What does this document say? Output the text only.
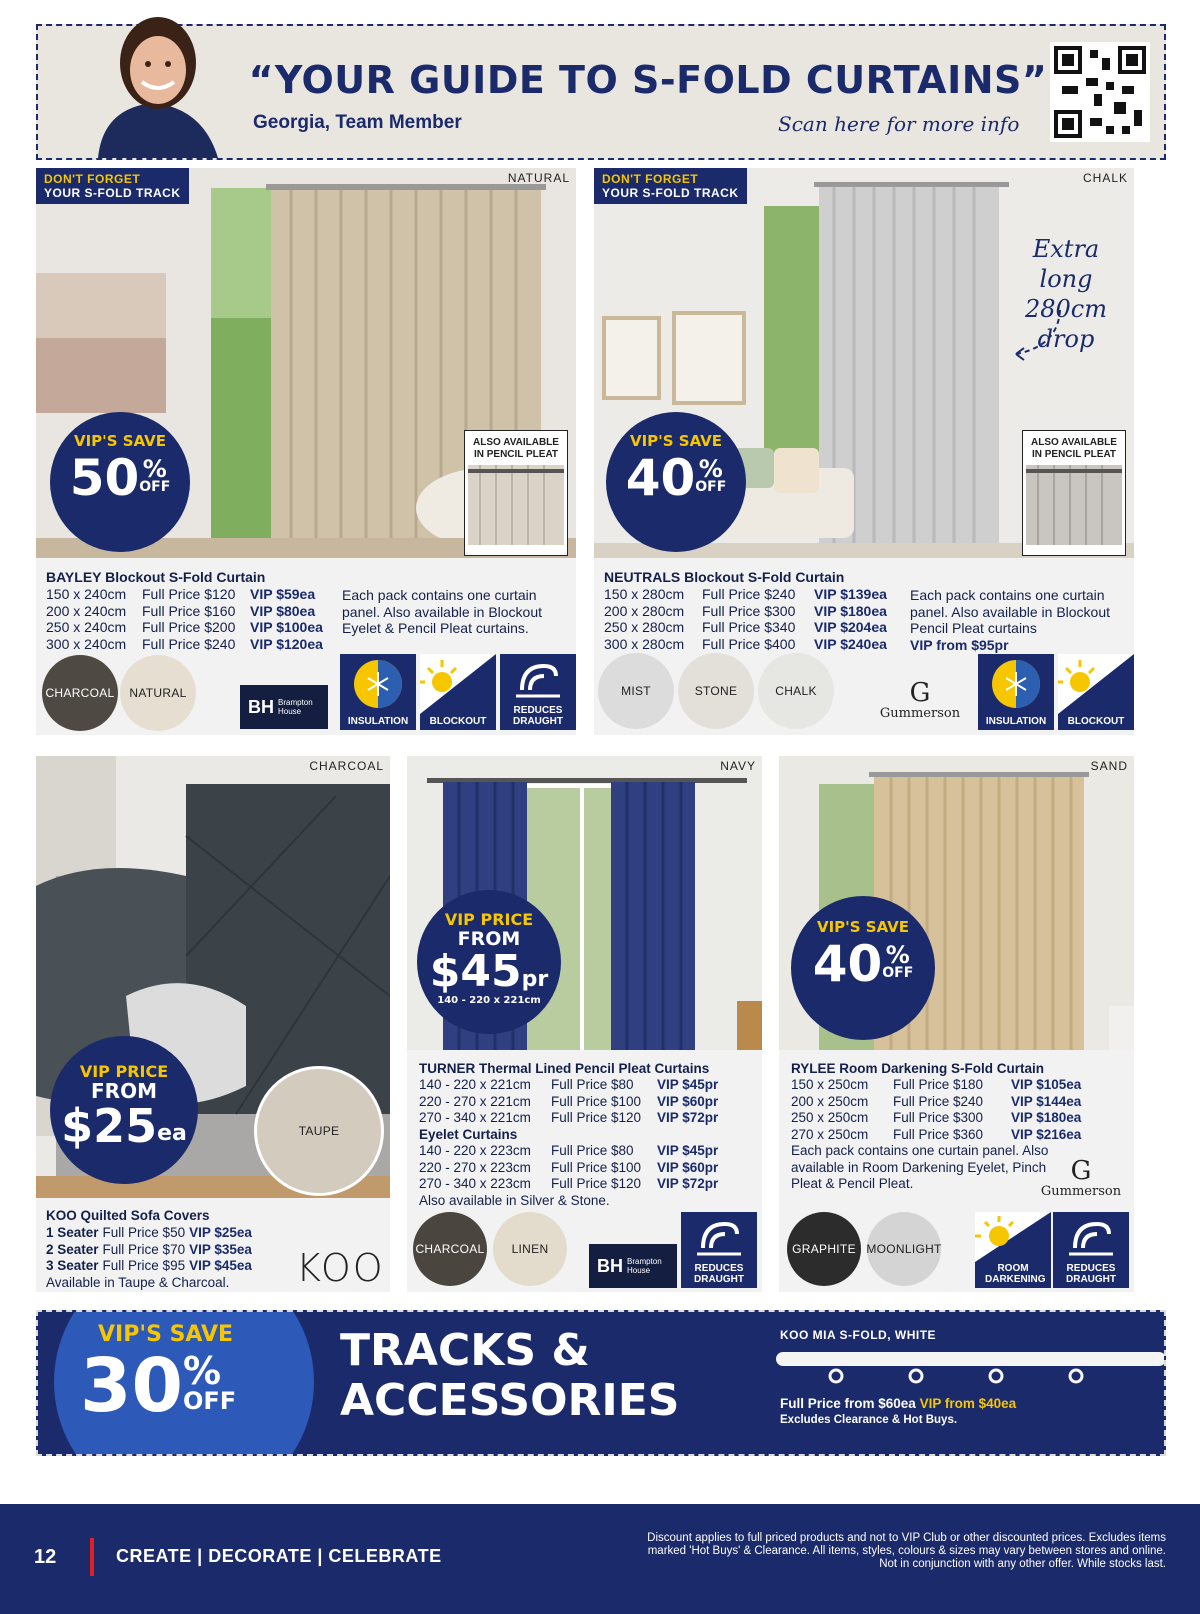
“YOUR GUIDE TO S-FOLD CURTAINS”
Georgia, Team Member	Scan here for more info
DON'T FORGET
YOUR S-FOLD TRACK
NATURAL
VIP'S SAVE
50 %
OFF
ALSO AVAILABLE IN PENCIL PLEAT
BAYLEY Blockout S-Fold Curtain
150 x 240cm	Full Price $120	VIP $59ea
200 x 240cm	Full Price $160	VIP $80ea
250 x 240cm	Full Price $200	VIP $100ea
300 x 240cm	Full Price $240	VIP $120ea
Each pack contains one curtain panel. Also available in Blockout Eyelet & Pencil Pleat curtains.
CHARCOAL	NATURAL
BH Brampton House
INSULATION	BLOCKOUT
REDUCES DRAUGHT
DON'T FORGET
YOUR S-FOLD TRACK
CHALK
Extra long 280cm drop
VIP'S SAVE
40 %
OFF
ALSO AVAILABLE IN PENCIL PLEAT
NEUTRALS Blockout S-Fold Curtain
150 x 280cm	Full Price $240	VIP $139ea
200 x 280cm	Full Price $300	VIP $180ea
250 x 280cm	Full Price $340	VIP $204ea
300 x 280cm	Full Price $400	VIP $240ea
Each pack contains one curtain panel. Also available in Blockout Pencil Pleat curtains
VIP from $95pr
MIST	STONE	CHALK	G
Gummerson
INSULATION	BLOCKOUT
CHARCOAL
VIP PRICE
FROM
$25 ea	TAUPE
KOO Quilted Sofa Covers
1 Seater Full Price $50 VIP $25ea
2 Seater Full Price $70 VIP $35ea
3 Seater Full Price $95 VIP $45ea
Available in Taupe & Charcoal.	KOO
NAVY
VIP PRICE
FROM
$45 pr
140 - 220 x 221cm
TURNER Thermal Lined Pencil Pleat Curtains
140 - 220 x 221cm	Full Price $80	VIP $45pr
220 - 270 x 221cm	Full Price $100	VIP $60pr
270 - 340 x 221cm	Full Price $120	VIP $72pr
Eyelet Curtains
140 - 220 x 223cm	Full Price $80	VIP $45pr
220 - 270 x 223cm	Full Price $100	VIP $60pr
270 - 340 x 223cm	Full Price $120	VIP $72pr
Also available in Silver & Stone.
CHARCOAL	LINEN
BH Brampton House	REDUCES DRAUGHT
SAND
VIP'S SAVE
40 %
OFF
RYLEE Room Darkening S-Fold Curtain
150 x 250cm	Full Price $180	VIP $105ea
200 x 250cm	Full Price $240	VIP $144ea
250 x 250cm	Full Price $300	VIP $180ea
270 x 250cm	Full Price $360	VIP $216ea
Each pack contains one curtain panel. Also available in Room Darkening Eyelet, Pinch Pleat & Pencil Pleat.	G
Gummerson
GRAPHITE MOONLIGHT
ROOM DARKENING
REDUCES DRAUGHT
VIP'S SAVE
30 %
OFF
TRACKS &
ACCESSORIES
KOO MIA S-FOLD, WHITE
Full Price from $60ea VIP from $40ea
Excludes Clearance & Hot Buys.
12	CREATE | DECORATE | CELEBRATE
Discount applies to full priced products and not to VIP Club or other discounted prices. Excludes items marked 'Hot Buys' & Clearance. All items, styles, colours & sizes may vary between stores and online. Not in conjunction with any other offer. While stocks last.
